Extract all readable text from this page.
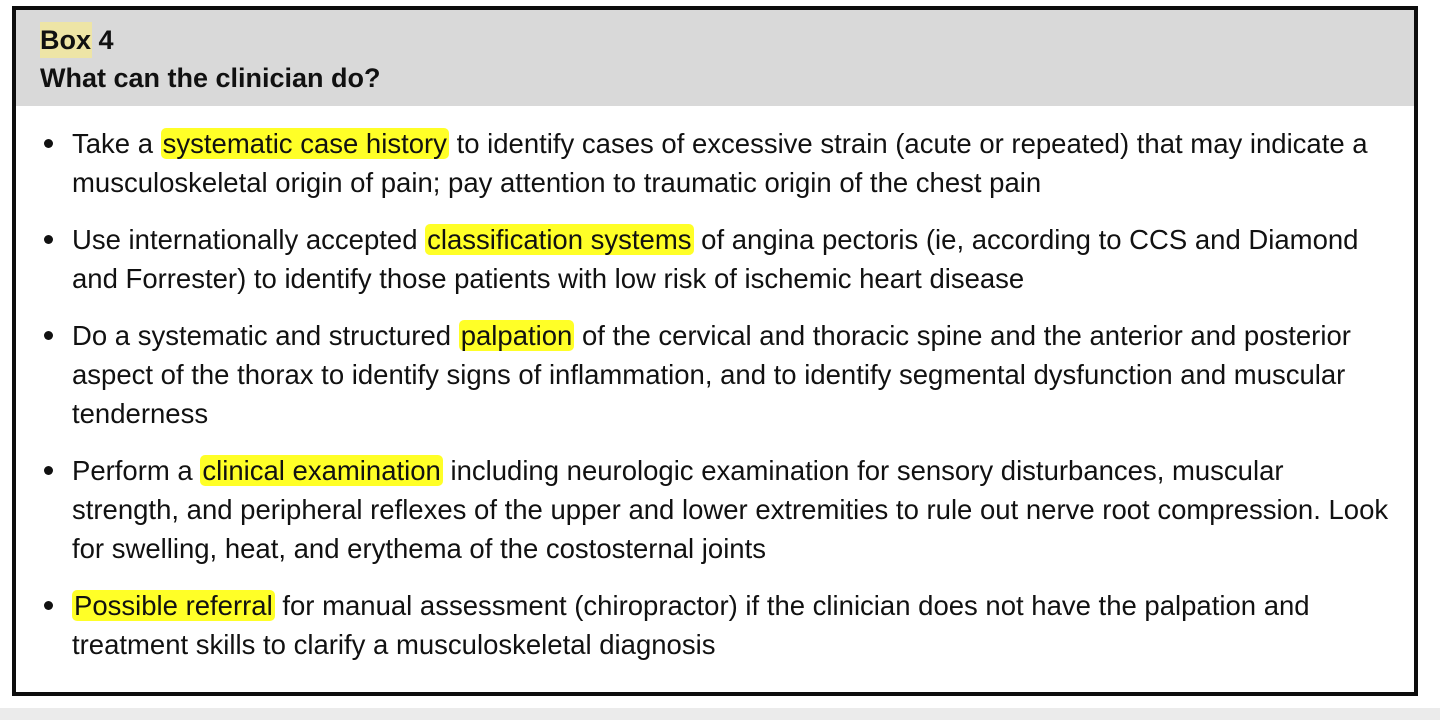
Box 4
What can the clinician do?
Take a systematic case history to identify cases of excessive strain (acute or repeated) that may indicate a musculoskeletal origin of pain; pay attention to traumatic origin of the chest pain
Use internationally accepted classification systems of angina pectoris (ie, according to CCS and Diamond and Forrester) to identify those patients with low risk of ischemic heart disease
Do a systematic and structured palpation of the cervical and thoracic spine and the anterior and posterior aspect of the thorax to identify signs of inflammation, and to identify segmental dysfunction and muscular tenderness
Perform a clinical examination including neurologic examination for sensory disturbances, muscular strength, and peripheral reflexes of the upper and lower extremities to rule out nerve root compression. Look for swelling, heat, and erythema of the costosternal joints
Possible referral for manual assessment (chiropractor) if the clinician does not have the palpation and treatment skills to clarify a musculoskeletal diagnosis
